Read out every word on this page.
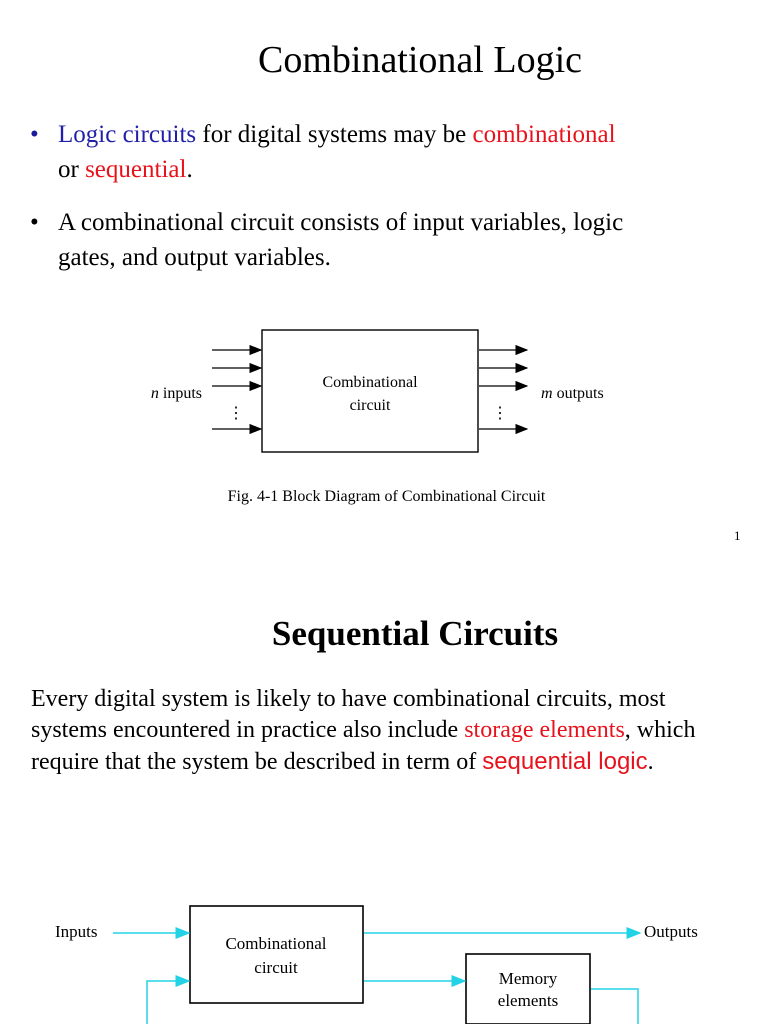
Combinational Logic
• Logic circuits for digital systems may be combinational
or sequential.
• A combinational circuit consists of input variables, logic
gates, and output variables.
⋮	⋮
n inputs	m outputs
Combinational
circuit
Fig. 4-1 Block Diagram of Combinational Circuit
1
Sequential Circuits
Every digital system is likely to have combinational circuits, most systems encountered in practice also include storage elements, which require that the system be described in term of sequential logic.
Inputs	Outputs
Combinational
circuit
Memory
elements
